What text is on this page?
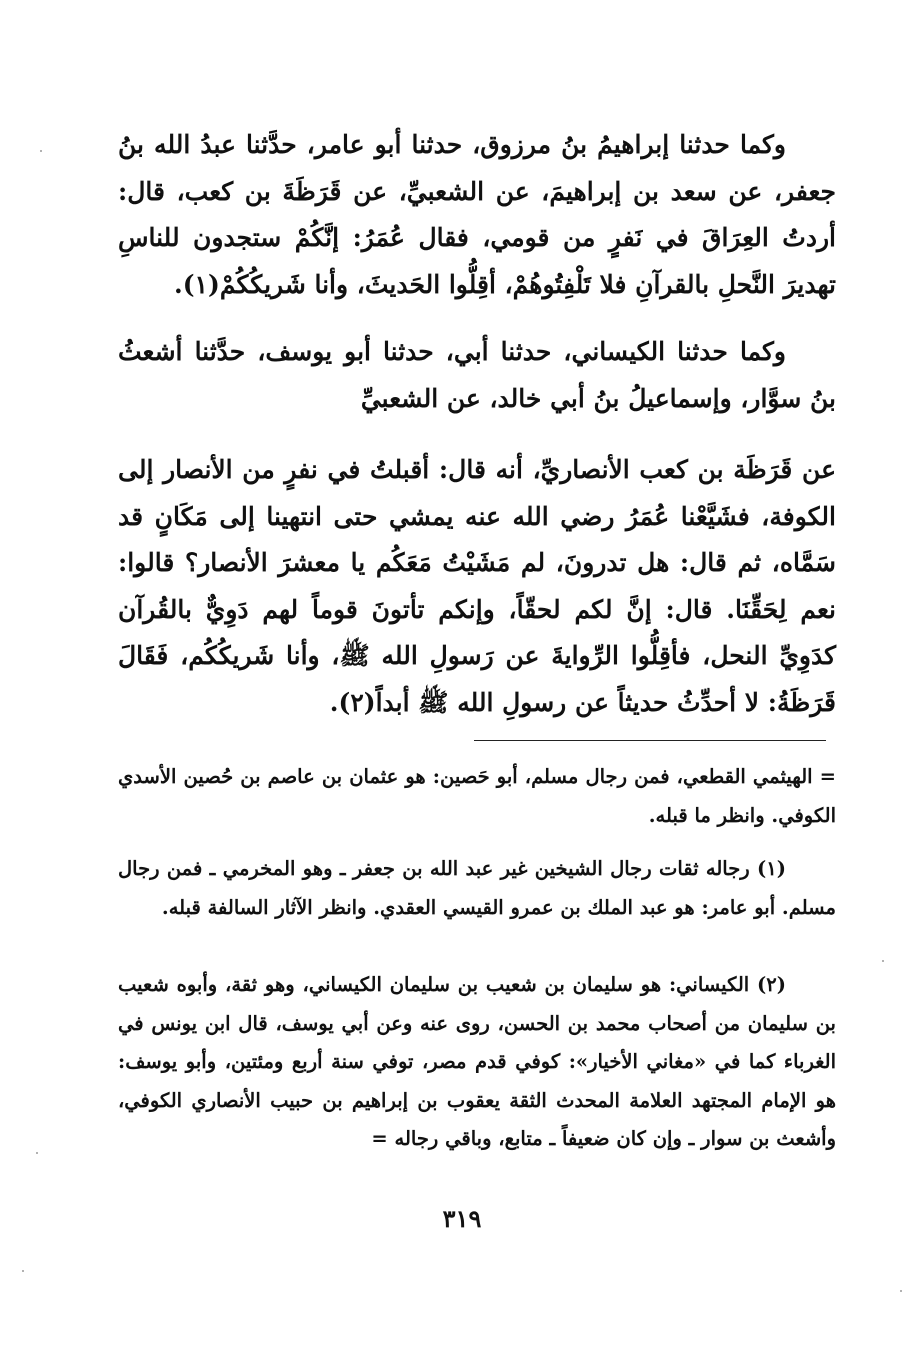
وكما حدثنا إبراهيمُ بنُ مرزوق، حدثنا أبو عامر، حدَّثنا عبدُ الله بنُ جعفر، عن سعد بن إبراهيمَ، عن الشعبيِّ، عن قَرَظَةَ بن كعب، قال: أردتُ العِرَاقَ في نَفرٍ من قومي، فقال عُمَرُ: إنَّكُمْ ستجدون للناسِ تهديرَ النَّحلِ بالقرآنِ فلا تَلْفِتُوهُمْ، أقِلُّوا الحَديثَ، وأنا شَريكُكُمْ(١).

وكما حدثنا الكيساني، حدثنا أبي، حدثنا أبو يوسف، حدَّثنا أشعثُ بنُ سوَّار، وإسماعيلُ بنُ أبي خالد، عن الشعبيِّ

عن قَرَظَة بن كعب الأنصاريِّ، أنه قال: أقبلتُ في نفرٍ من الأنصار إلى الكوفة، فشَيَّعْنا عُمَرُ رضي الله عنه يمشي حتى انتهينا إلى مَكَانٍ قد سَمَّاه، ثم قال: هل تدرونَ، لم مَشَيْتُ مَعَكُم يا معشرَ الأنصار؟ قالوا: نعم لِحَقِّنَا. قال: إنَّ لكم لحقّاً، وإنكم تأتونَ قوماً لهم دَوِيٌّ بالقُرآن كدَوِيِّ النحل، فأقِلُّوا الرِّوايةَ عن رَسولِ الله ﷺ، وأنا شَريكُكُم، فَقَالَ قَرَظَةُ: لا أحدِّثُ حديثاً عن رسولِ الله ﷺ أبداً(٢).

= الهيثمي القطعي، فمن رجال مسلم، أبو حَصين: هو عثمان بن عاصم بن حُصين الأسدي الكوفي. وانظر ما قبله.

(١) رجاله ثقات رجال الشيخين غير عبد الله بن جعفر ـ وهو المخرمي ـ فمن رجال مسلم. أبو عامر: هو عبد الملك بن عمرو القيسي العقدي. وانظر الآثار السالفة قبله.

(٢) الكيساني: هو سليمان بن شعيب بن سليمان الكيساني، وهو ثقة، وأبوه شعيب بن سليمان من أصحاب محمد بن الحسن، روى عنه وعن أبي يوسف، قال ابن يونس في الغرباء كما في «مغاني الأخيار»: كوفي قدم مصر، توفي سنة أربع ومئتين، وأبو يوسف: هو الإمام المجتهد العلامة المحدث الثقة يعقوب بن إبراهيم بن حبيب الأنصاري الكوفي، وأشعث بن سوار ـ وإن كان ضعيفاً ـ متابع، وباقي رجاله =

٣١٩
